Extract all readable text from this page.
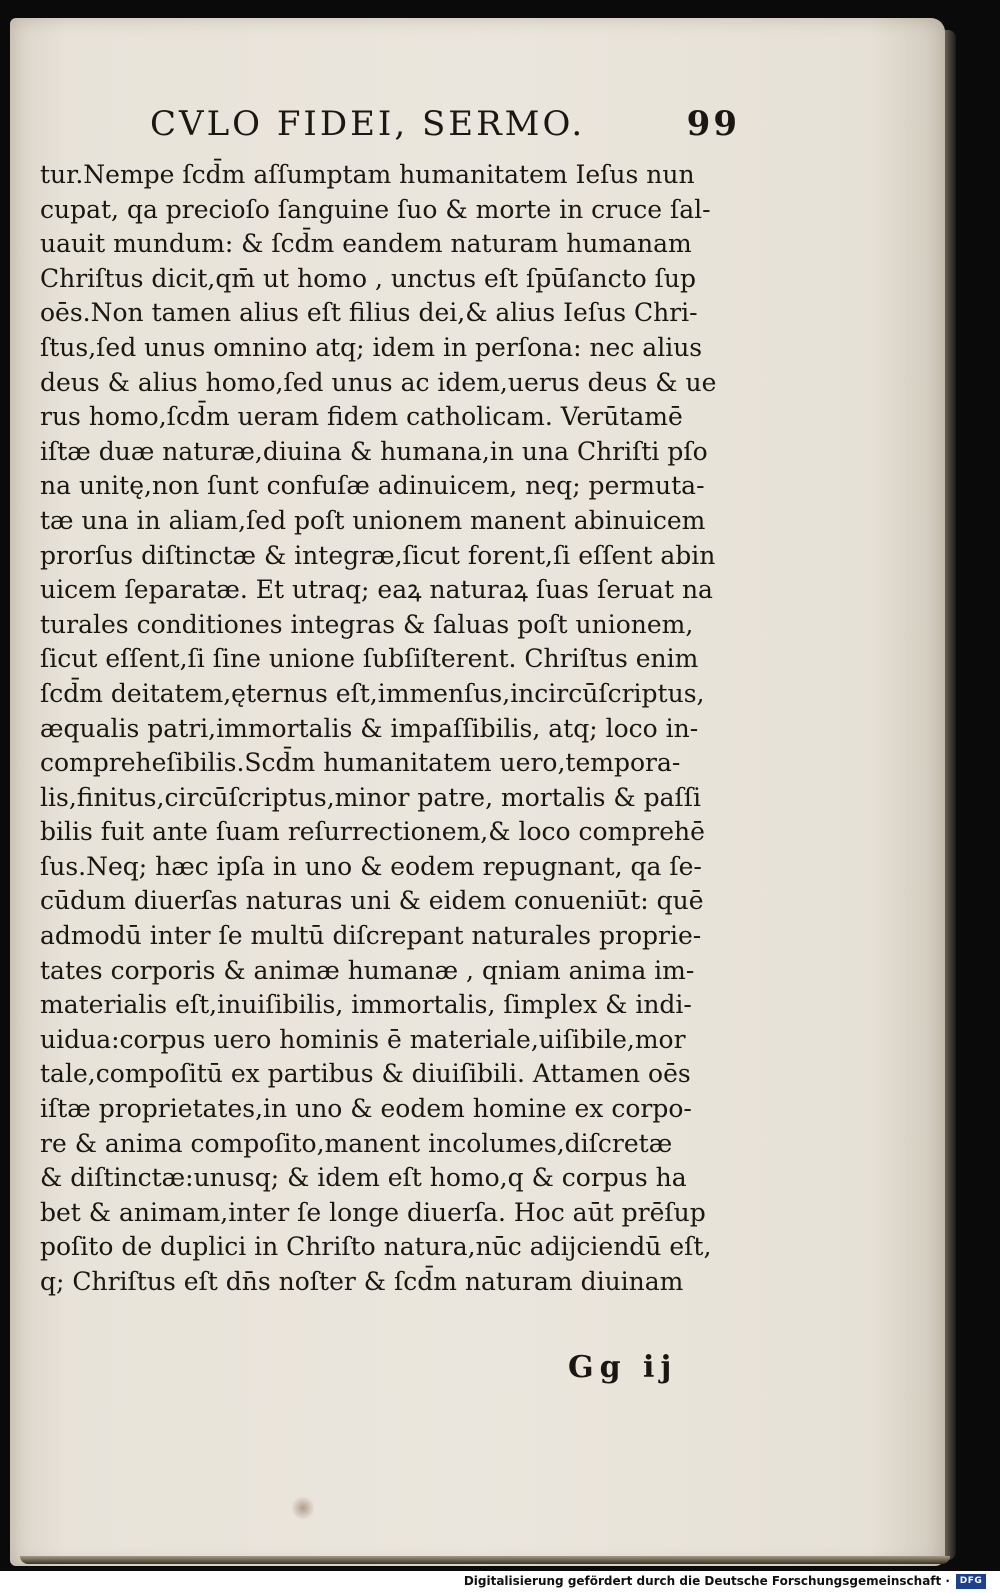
CVLO FIDEI, SERMO.	99
tur.Nempe ſcd̄m aſſumptam humanitatem Ieſus nun
cupat, qa precioſo ſanguine ſuo & morte in cruce ſal-
uauit mundum: & ſcd̄m eandem naturam humanam
Chriſtus dicit,qm̄ ut homo , unctus eſt ſpūſancto ſup
oēs.Non tamen alius eſt filius dei,& alius Ieſus Chri-
ſtus,ſed unus omnino atq; idem in perſona: nec alius
deus & alius homo,ſed unus ac idem,uerus deus & ue
rus homo,ſcd̄m ueram fidem catholicam. Verūtamē
iſtæ duæ naturæ,diuina & humana,in una Chriſti pſo
na unitę,non ſunt confuſæ adinuicem, neq; permuta-
tæ una in aliam,ſed poſt unionem manent abinuicem
prorſus diſtinctæ & integræ,ſicut forent,ſi eſſent abin
uicem ſeparatæ. Et utraq; eaꝝ naturaꝝ ſuas ſeruat na
turales conditiones integras & ſaluas poſt unionem,
ſicut eſſent,ſi ſine unione ſubſiſterent. Chriſtus enim
ſcd̄m deitatem,ęternus eſt,immenſus,incircūſcriptus,
æqualis patri,immortalis & impaſſibilis, atq; loco in-
compreheſibilis.Scd̄m humanitatem uero,tempora-
lis,finitus,circūſcriptus,minor patre, mortalis & paſſi
bilis fuit ante ſuam reſurrectionem,& loco comprehē
ſus.Neq; hæc ipſa in uno & eodem repugnant, qa ſe-
cūdum diuerſas naturas uni & eidem conueniūt: quē
admodū inter ſe multū diſcrepant naturales proprie-
tates corporis & animæ humanæ , qniam anima im-
materialis eſt,inuiſibilis, immortalis, ſimplex & indi-
uidua:corpus uero hominis ē materiale,uiſibile,mor
tale,compoſitū ex partibus & diuiſibili. Attamen oēs
iſtæ proprietates,in uno & eodem homine ex corpo-
re & anima compoſito,manent incolumes,diſcretæ
& diſtinctæ:unusq; & idem eſt homo,q & corpus ha
bet & animam,inter ſe longe diuerſa. Hoc aūt prēſup
poſito de duplici in Chriſto natura,nūc adijciendū eſt,
q; Chriſtus eſt dn̄s noſter & ſcd̄m naturam diuinam
Gg ij
Digitalisierung gefördert durch die Deutsche Forschungsgemeinschaft ·	DFG
